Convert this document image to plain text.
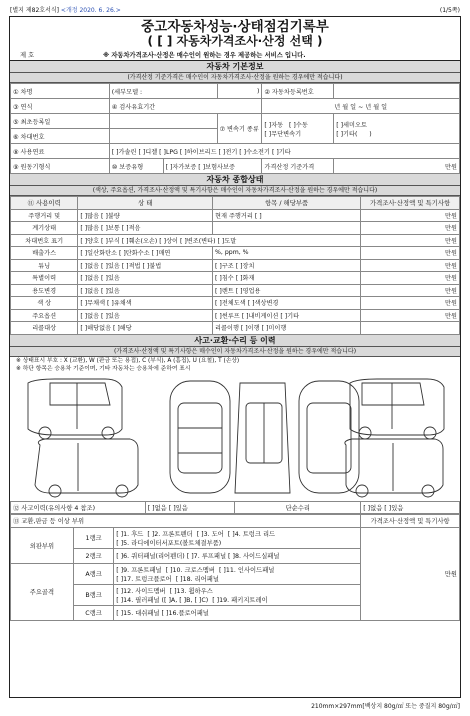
[별지 제82호서식] <개정 2020. 6. 26.>	(1/5쪽)
중고자동차성능·상태점검기록부
( [ ] 자동차가격조사·산정 선택 )
제 호	※ 자동차가격조사·산정은 매수인이 원하는 경우 제공하는 서비스 입니다.
자동차 기본정보
(가격산정 기준가격은 매수인이 자동차가격조사·산정을 원하는 경우에만 적습니다)
① 차명	(세부모델 :		)	② 자동차등록번호	
③ 연식	④ 검사유효기간			년 월 일 ~ 년 월 일	
⑤ 최초등록일			⑦ 변속기 종류	[ ]자동   [ ]수동
[ ]무단변속기	[ ]세미오토
[ ]기타(      )
⑥ 차대번호					
⑧ 사용연료	[ ]가솔린 [ ]디젤 [ ]LPG [ ]하이브리드 [ ]전기 [ ]수소전기 [ ]기타				
⑨ 원동기형식	⑩ 보증유형	[ ]자가보증 [ ]보험사보증		가격산정 기준가격	만원
자동차 종합상태
(색상, 주요옵션, 가격조사·산정액 및 특기사항은 매수인이 자동차가격조사·산정을 원하는 경우에만 적습니다)
⑪ 사용이력	상 태	항목 / 해당부품	가격조사·산정액 및 특기사항
주행거리 및	[ ]많음 [ ]불량	현재 주행거리 [ ]	만원
계기상태	[ ]많음 [ ]보통 [ ]적음		만원
차대번호 표기	[ ]양호 [ ]부식 [ ]훼손(오손) [ ]상이 [ ]변조(변타) [ ]도말		만원
배출가스	[ ]일산화탄소 [ ]탄화수소 [ ]매연	%, ppm, %	만원
튜닝	[ ]없음 [ ]있음 [ ]적법 [ ]불법	[ ]구조 [ ]장치	만원
특별이력	[ ]없음 [ ]있음	[ ]침수 [ ]화재	만원
용도변경	[ ]없음 [ ]있음	[ ]렌트 [ ]영업용	만원
색 상	[ ]무채색 [ ]유채색	[ ]전체도색 [ ]색상변경	만원
주요옵션	[ ]없음 [ ]있음	[ ]썬루프 [ ]내비게이션 [ ]기타	만원
리콜대상	[ ]해당없음 [ ]해당	리콜이행 [ ]이행 [ ]미이행	
사고·교환·수리 등 이력
(가격조사·산정액 및 특기사항은 매수인이 자동차가격조사·산정을 원하는 경우에만 적습니다)
※ 상태표시 부호 : X (교환), W (판금 또는 용접), C (부식), A (흠집), U (요철), T (손상)
※ 하단 항목은 승용차 기준이며, 기타 자동차는 승용차에 준하여 표시
⑫ 사고이력(유의사항 4 참조)	[ ]없음 [ ]있음	단순수리	[ ]없음 [ ]있음
⑬ 교환,판금 등 이상 부위			가격조사·산정액 및 특기사항
외판부위	1랭크	[ ]1. 후드  [ ]2. 프론트펜더  [ ]3. 도어  [ ]4. 트렁크 리드
[ ]5. 라디에이터서포트(볼트체결부품)	만원
	2랭크	[ ]6. 쿼터패널(리어펜더) [ ]7. 루프패널 [ ]8. 사이드실패널	
주요골격	A랭크	[ ]9. 프론트패널  [ ]10. 크로스멤버  [ ]11. 인사이드패널
[ ]17. 트렁크플로어  [ ]18. 리어패널	
	B랭크	[ ]12. 사이드멤버  [ ]13. 휠하우스
[ ]14. 필러패널 ([ ]A, [ ]B, [ ]C)  [ ]19. 패키지트레이	
	C랭크	[ ]15. 대쉬패널 [ ]16.플로어패널	
210mm×297mm[백상지 80g/㎡ 또는 중질지 80g/㎡]
